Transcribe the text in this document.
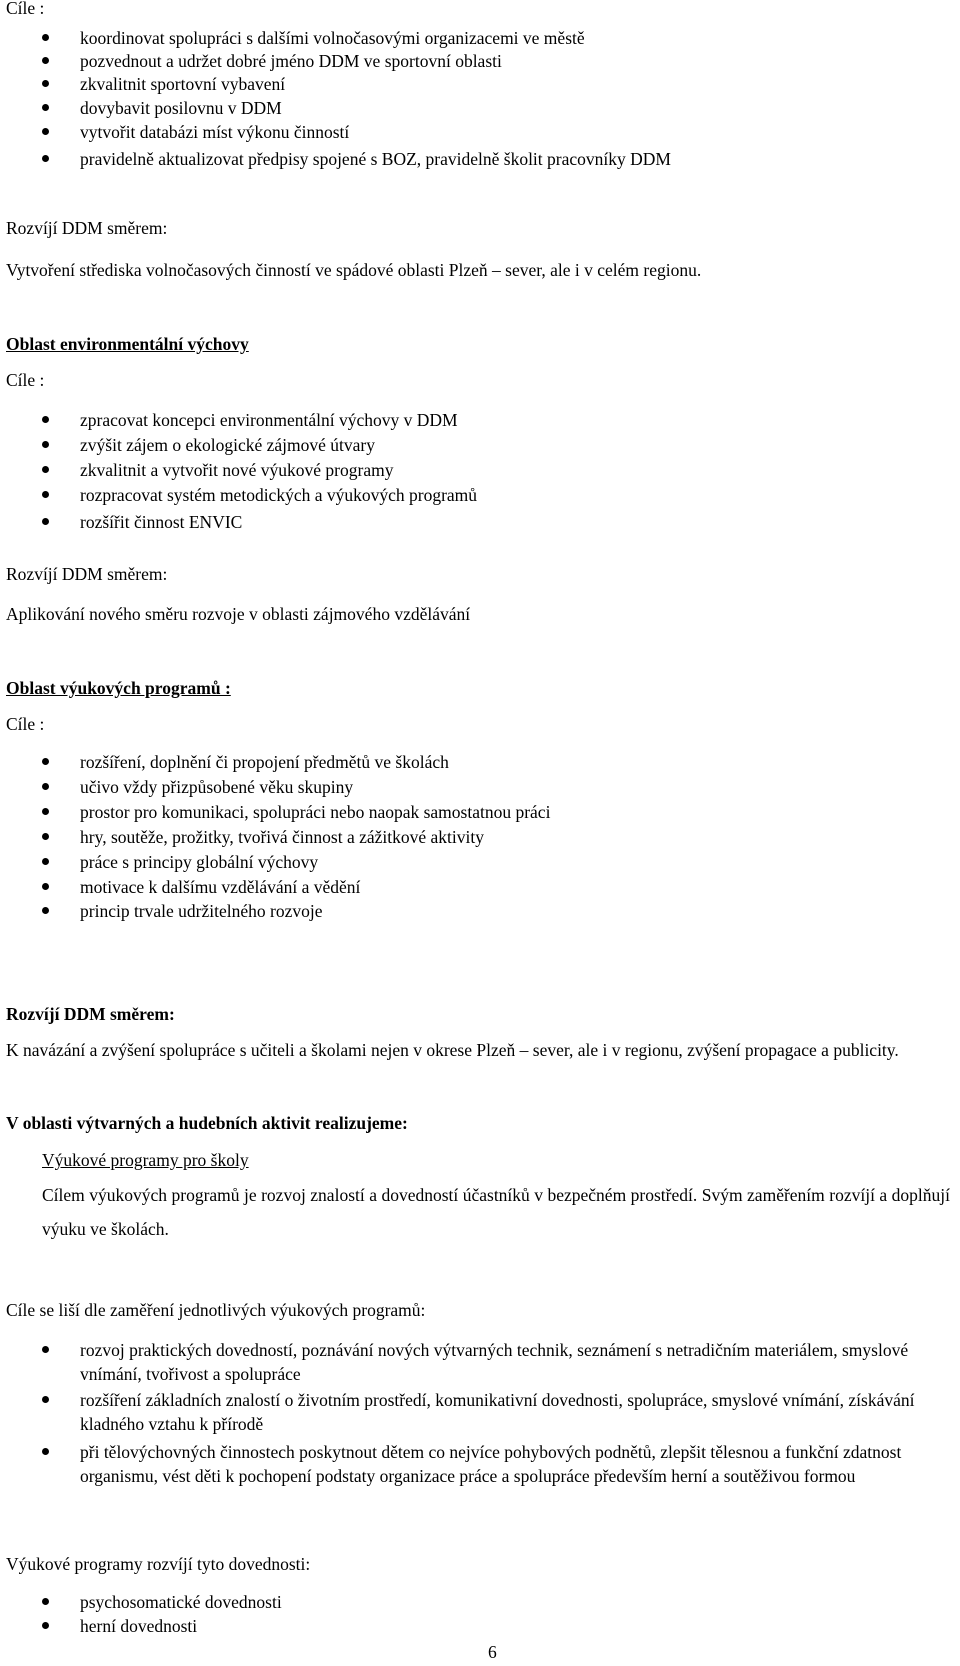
Cíle :

koordinovat spolupráci s dalšími volnočasovými organizacemi ve městě
pozvednout a udržet dobré jméno DDM ve sportovní oblasti
zkvalitnit sportovní vybavení
dovybavit posilovnu v DDM
vytvořit databázi míst výkonu činností
pravidelně aktualizovat předpisy spojené s BOZ, pravidelně školit pracovníky DDM

Rozvíjí DDM směrem:

Vytvoření střediska volnočasových činností ve spádové oblasti Plzeň – sever, ale i v celém regionu.

Oblast environmentální výchovy

Cíle :

zpracovat koncepci environmentální výchovy v DDM
zvýšit zájem o ekologické zájmové útvary
zkvalitnit a vytvořit nové výukové programy
rozpracovat systém metodických a výukových programů
rozšířit činnost ENVIC

Rozvíjí DDM směrem:

Aplikování nového směru rozvoje v oblasti zájmového vzdělávání

Oblast výukových programů :

Cíle :

rozšíření, doplnění či propojení předmětů ve školách
učivo vždy přizpůsobené věku skupiny
prostor pro komunikaci, spolupráci nebo naopak samostatnou práci
hry, soutěže, prožitky, tvořivá činnost a zážitkové aktivity
práce s principy globální výchovy
motivace k dalšímu vzdělávání a vědění
princip trvale udržitelného rozvoje

Rozvíjí DDM směrem:

K navázání a zvýšení spolupráce s učiteli a školami nejen v okrese Plzeň – sever, ale i v regionu, zvýšení propagace a publicity.

V oblasti výtvarných a hudebních aktivit realizujeme:

Výukové programy pro školy

Cílem výukových programů je rozvoj znalostí a dovedností účastníků v bezpečném prostředí. Svým zaměřením rozvíjí a doplňují výuku ve školách.

Cíle se liší dle zaměření jednotlivých výukových programů:

rozvoj praktických dovedností, poznávání nových výtvarných technik, seznámení s netradičním materiálem, smyslové vnímání, tvořivost a spolupráce
rozšíření základních znalostí o životním prostředí, komunikativní dovednosti, spolupráce, smyslové vnímání, získávání kladného vztahu k přírodě
při tělovýchovných činnostech poskytnout dětem co nejvíce pohybových podnětů, zlepšit tělesnou a funkční zdatnost organismu, vést děti k pochopení podstaty organizace práce a spolupráce především herní a soutěživou formou

Výukové programy rozvíjí tyto dovednosti:

psychosomatické dovednosti
herní dovednosti
6
